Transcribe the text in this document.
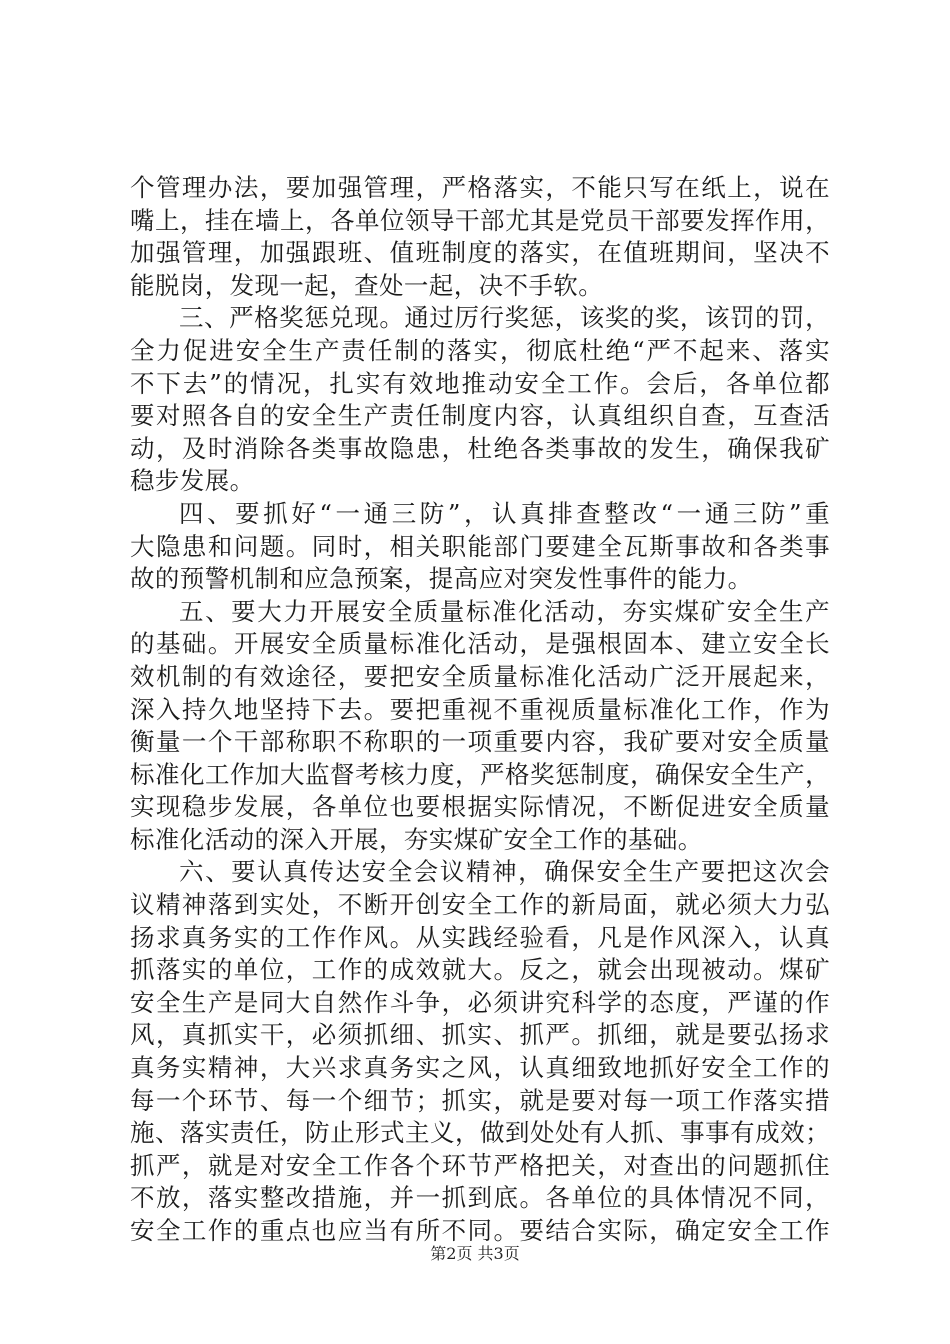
个管理办法，要加强管理，严格落实，不能只写在纸上，说在
嘴上，挂在墙上，各单位领导干部尤其是党员干部要发挥作用，
加强管理，加强跟班、值班制度的落实，在值班期间，坚决不
能脱岗，发现一起，查处一起，决不手软。
三、严格奖惩兑现。通过厉行奖惩，该奖的奖，该罚的罚，
全力促进安全生产责任制的落实，彻底杜绝“严不起来、落实
不下去”的情况，扎实有效地推动安全工作。会后，各单位都
要对照各自的安全生产责任制度内容，认真组织自查，互查活
动，及时消除各类事故隐患，杜绝各类事故的发生，确保我矿
稳步发展。
四、要抓好“一通三防”，认真排查整改“一通三防”重
大隐患和问题。同时，相关职能部门要建全瓦斯事故和各类事
故的预警机制和应急预案，提高应对突发性事件的能力。
五、要大力开展安全质量标准化活动，夯实煤矿安全生产
的基础。开展安全质量标准化活动，是强根固本、建立安全长
效机制的有效途径，要把安全质量标准化活动广泛开展起来，
深入持久地坚持下去。要把重视不重视质量标准化工作，作为
衡量一个干部称职不称职的一项重要内容，我矿要对安全质量
标准化工作加大监督考核力度，严格奖惩制度，确保安全生产，
实现稳步发展，各单位也要根据实际情况，不断促进安全质量
标准化活动的深入开展，夯实煤矿安全工作的基础。
六、要认真传达安全会议精神，确保安全生产要把这次会
议精神落到实处，不断开创安全工作的新局面，就必须大力弘
扬求真务实的工作作风。从实践经验看，凡是作风深入，认真
抓落实的单位，工作的成效就大。反之，就会出现被动。煤矿
安全生产是同大自然作斗争，必须讲究科学的态度，严谨的作
风，真抓实干，必须抓细、抓实、抓严。抓细，就是要弘扬求
真务实精神，大兴求真务实之风，认真细致地抓好安全工作的
每一个环节、每一个细节；抓实，就是要对每一项工作落实措
施、落实责任，防止形式主义，做到处处有人抓、事事有成效；
抓严，就是对安全工作各个环节严格把关，对查出的问题抓住
不放，落实整改措施，并一抓到底。各单位的具体情况不同，
安全工作的重点也应当有所不同。要结合实际，确定安全工作
第2页 共3页
